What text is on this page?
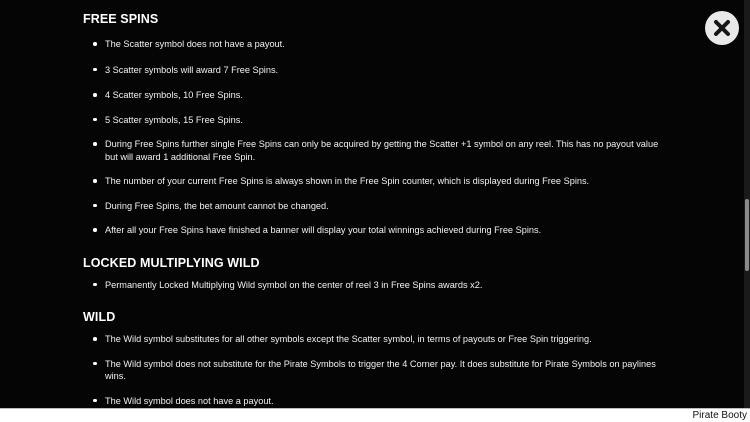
FREE SPINS
The Scatter symbol does not have a payout.
3 Scatter symbols will award 7 Free Spins.
4 Scatter symbols, 10 Free Spins.
5 Scatter symbols, 15 Free Spins.
During Free Spins further single Free Spins can only be acquired by getting the Scatter +1 symbol on any reel. This has no payout value but will award 1 additional Free Spin.
The number of your current Free Spins is always shown in the Free Spin counter, which is displayed during Free Spins.
During Free Spins, the bet amount cannot be changed.
After all your Free Spins have finished a banner will display your total winnings achieved during Free Spins.
LOCKED MULTIPLYING WILD
Permanently Locked Multiplying Wild symbol on the center of reel 3 in Free Spins awards x2.
WILD
The Wild symbol substitutes for all other symbols except the Scatter symbol, in terms of payouts or Free Spin triggering.
The Wild symbol does not substitute for the Pirate Symbols to trigger the 4 Corner pay. It does substitute for Pirate Symbols on paylines wins.
The Wild symbol does not have a payout.
Pirate Booty
